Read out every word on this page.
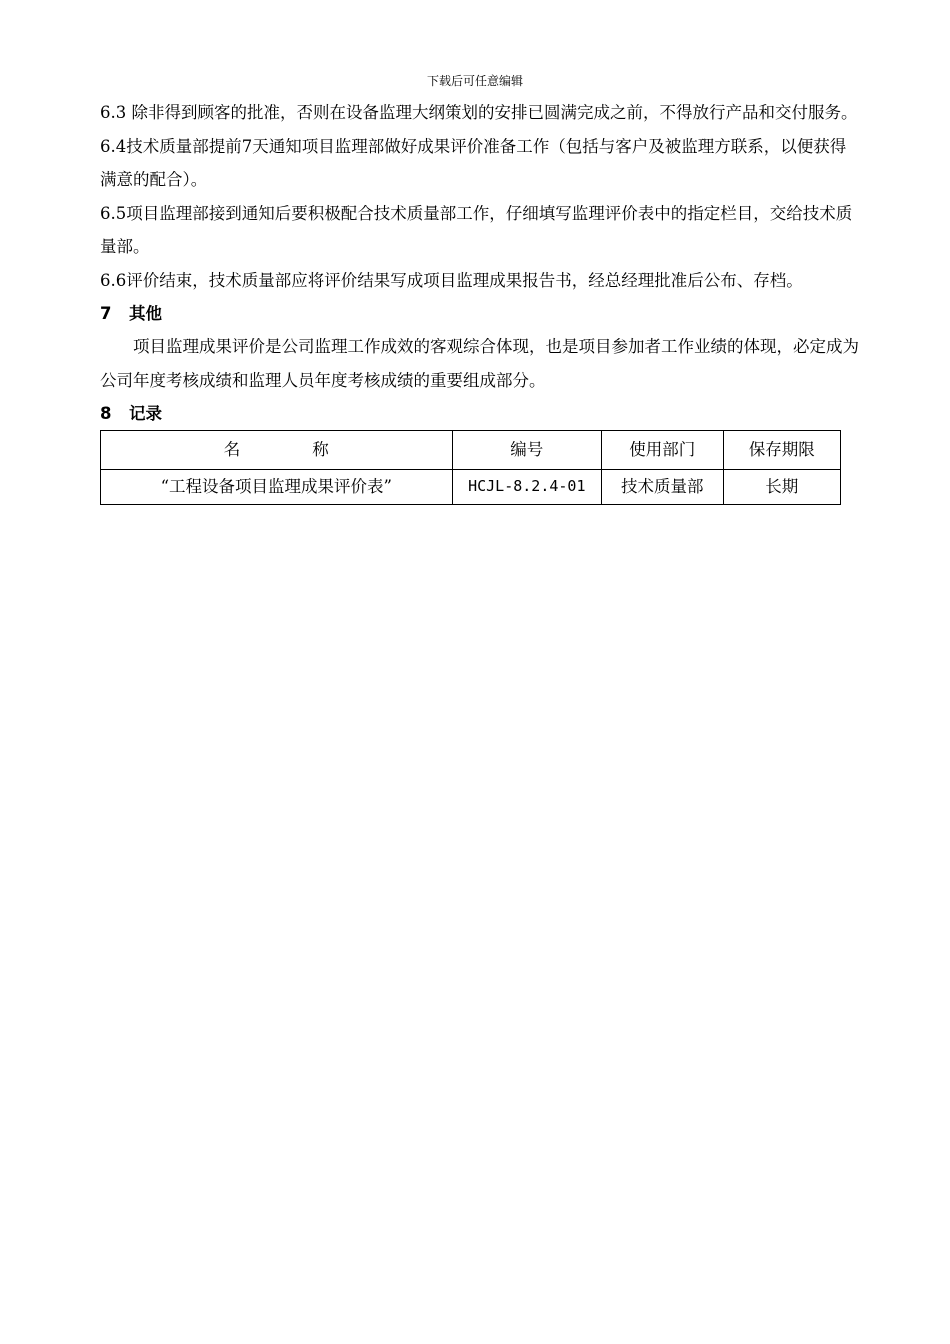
下载后可任意编辑

6.3 除非得到顾客的批准，否则在设备监理大纲策划的安排已圆满完成之前，不得放行产品和交付服务。

6.4技术质量部提前7天通知项目监理部做好成果评价准备工作（包括与客户及被监理方联系，以便获得满意的配合）。

6.5项目监理部接到通知后要积极配合技术质量部工作，仔细填写监理评价表中的指定栏目，交给技术质量部。

6.6评价结束，技术质量部应将评价结果写成项目监理成果报告书，经总经理批准后公布、存档。

7 其他

项目监理成果评价是公司监理工作成效的客观综合体现，也是项目参加者工作业绩的体现，必定成为公司年度考核成绩和监理人员年度考核成绩的重要组成部分。

8 记录
名 称	编号	使用部门	保存期限
“工程设备项目监理成果评价表”	HCJL-8.2.4-01	技术质量部	长期
